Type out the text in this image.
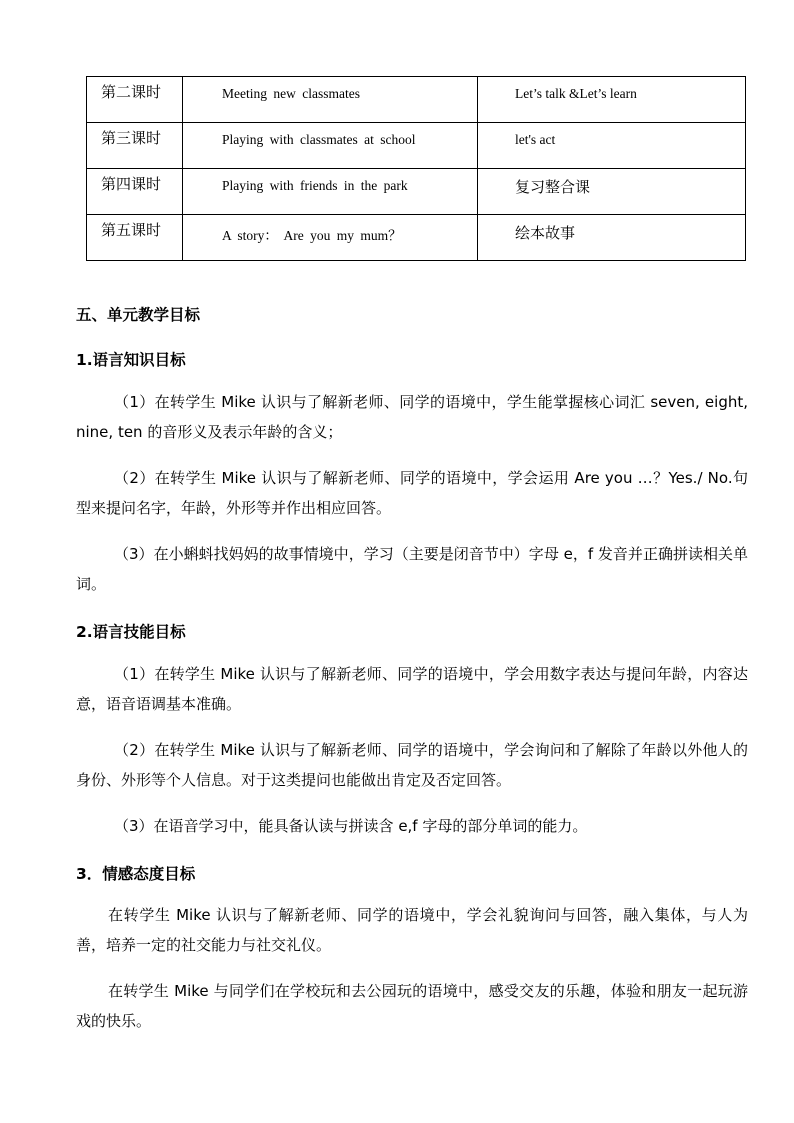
第二课时	Meeting new classmates	Let’s talk &Let’s learn

第三课时	Playing with classmates at school	let's act

第四课时	Playing with friends in the park	复习整合课

第五课时	A story： Are you my mum？	绘本故事
五、单元教学目标
1.语言知识目标
（1）在转学生 Mike 认识与了解新老师、同学的语境中，学生能掌握核心词汇 seven, eight, nine, ten 的音形义及表示年龄的含义；
（2）在转学生 Mike 认识与了解新老师、同学的语境中，学会运用 Are you …？Yes./ No.句型来提问名字，年龄，外形等并作出相应回答。
（3）在小蝌蚪找妈妈的故事情境中，学习（主要是闭音节中）字母 e，f 发音并正确拼读相关单词。
2.语言技能目标
（1）在转学生 Mike 认识与了解新老师、同学的语境中，学会用数字表达与提问年龄，内容达意，语音语调基本准确。
（2）在转学生 Mike 认识与了解新老师、同学的语境中，学会询问和了解除了年龄以外他人的身份、外形等个人信息。对于这类提问也能做出肯定及否定回答。
（3）在语音学习中，能具备认读与拼读含 e,f 字母的部分单词的能力。
3．情感态度目标
在转学生 Mike 认识与了解新老师、同学的语境中，学会礼貌询问与回答，融入集体，与人为善，培养一定的社交能力与社交礼仪。
在转学生 Mike 与同学们在学校玩和去公园玩的语境中，感受交友的乐趣，体验和朋友一起玩游戏的快乐。
